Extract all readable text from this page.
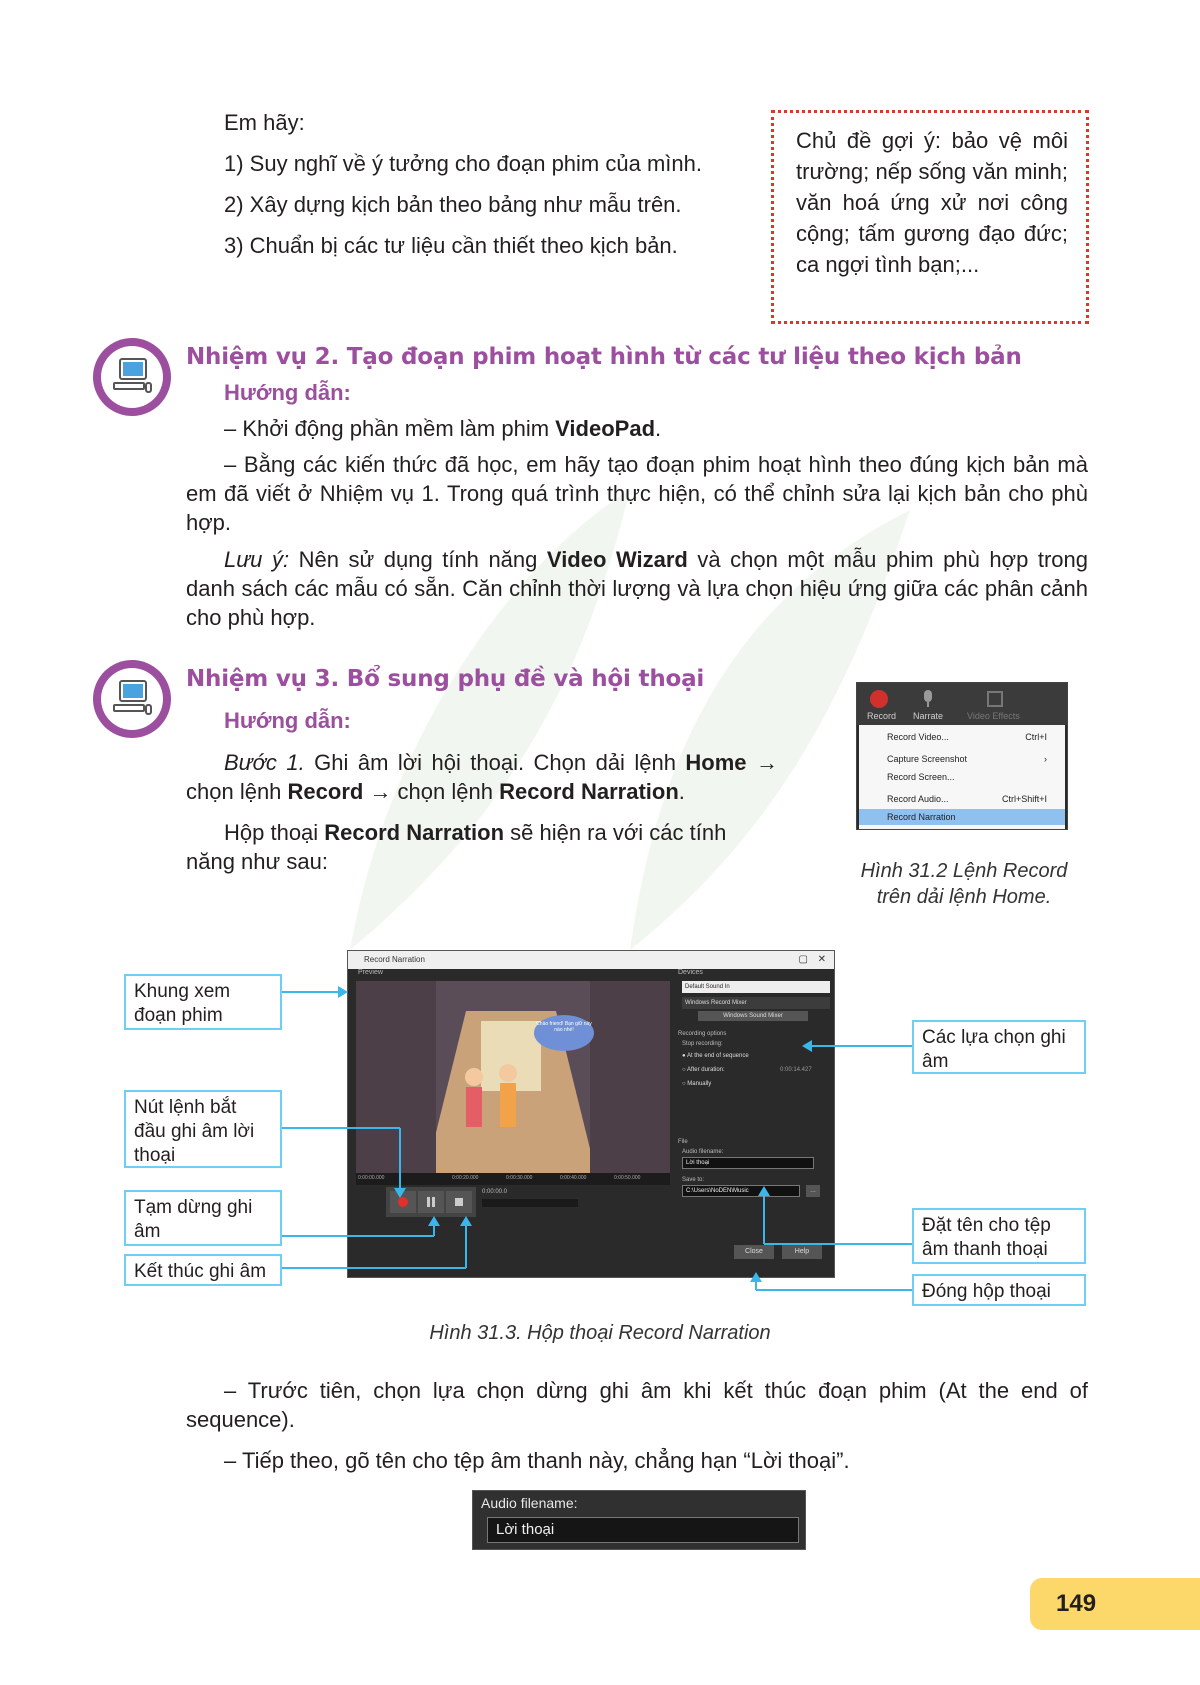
Em hãy:

1) Suy nghĩ về ý tưởng cho đoạn phim của mình.

2) Xây dựng kịch bản theo bảng như mẫu trên.

3) Chuẩn bị các tư liệu cần thiết theo kịch bản.

Chủ đề gợi ý: bảo vệ môi trường; nếp sống văn minh; văn hoá ứng xử nơi công cộng; tấm gương đạo đức; ca ngợi tình bạn;...
Nhiệm vụ 2. Tạo đoạn phim hoạt hình từ các tư liệu theo kịch bản
Hướng dẫn:
– Khởi động phần mềm làm phim VideoPad.
– Bằng các kiến thức đã học, em hãy tạo đoạn phim hoạt hình theo đúng kịch bản mà em đã viết ở Nhiệm vụ 1. Trong quá trình thực hiện, có thể chỉnh sửa lại kịch bản cho phù hợp.
Lưu ý: Nên sử dụng tính năng Video Wizard và chọn một mẫu phim phù hợp trong danh sách các mẫu có sẵn. Căn chỉnh thời lượng và lựa chọn hiệu ứng giữa các phân cảnh cho phù hợp.
Nhiệm vụ 3. Bổ sung phụ đề và hội thoại
Hướng dẫn:
Bước 1. Ghi âm lời hội thoại. Chọn dải lệnh Home → chọn lệnh Record → chọn lệnh Record Narration.
Hộp thoại Record Narration sẽ hiện ra với các tính năng như sau:
Record Narrate	Video Effects
Record Video...	Ctrl+I
Capture Screenshot	›
Record Screen...
Record Audio...	Ctrl+Shift+I
Record Narration
Hình 31.2 Lệnh Record
trên dải lệnh Home.
Record Narration	▢ ✕
Preview
Chào friend! Bạn giữ này nào nhé!
0:00:00.000	0:00:20.000	0:00:30.000	0:00:40.000	0:00:50.000
0:00:00.0
Devices
Default Sound In
Windows Record Mixer
Windows Sound Mixer
Recording options
Stop recording:
● At the end of sequence
○ After duration:	0:00:14.427
○ Manually
File
Audio filename:
Lời thoại
Save to:
C:\Users\NoDEN\Music	…
Close	Help
Khung xem đoạn phim
Nút lệnh bắt đầu ghi âm lời thoại
Tạm dừng ghi âm
Kết thúc ghi âm
Các lựa chọn ghi âm
Đặt tên cho tệp âm thanh thoại
Đóng hộp thoại
Hình 31.3. Hộp thoại Record Narration
– Trước tiên, chọn lựa chọn dừng ghi âm khi kết thúc đoạn phim (At the end of sequence).
– Tiếp theo, gõ tên cho tệp âm thanh này, chẳng hạn “Lời thoại”.
Audio filename:
Lời thoại
149
